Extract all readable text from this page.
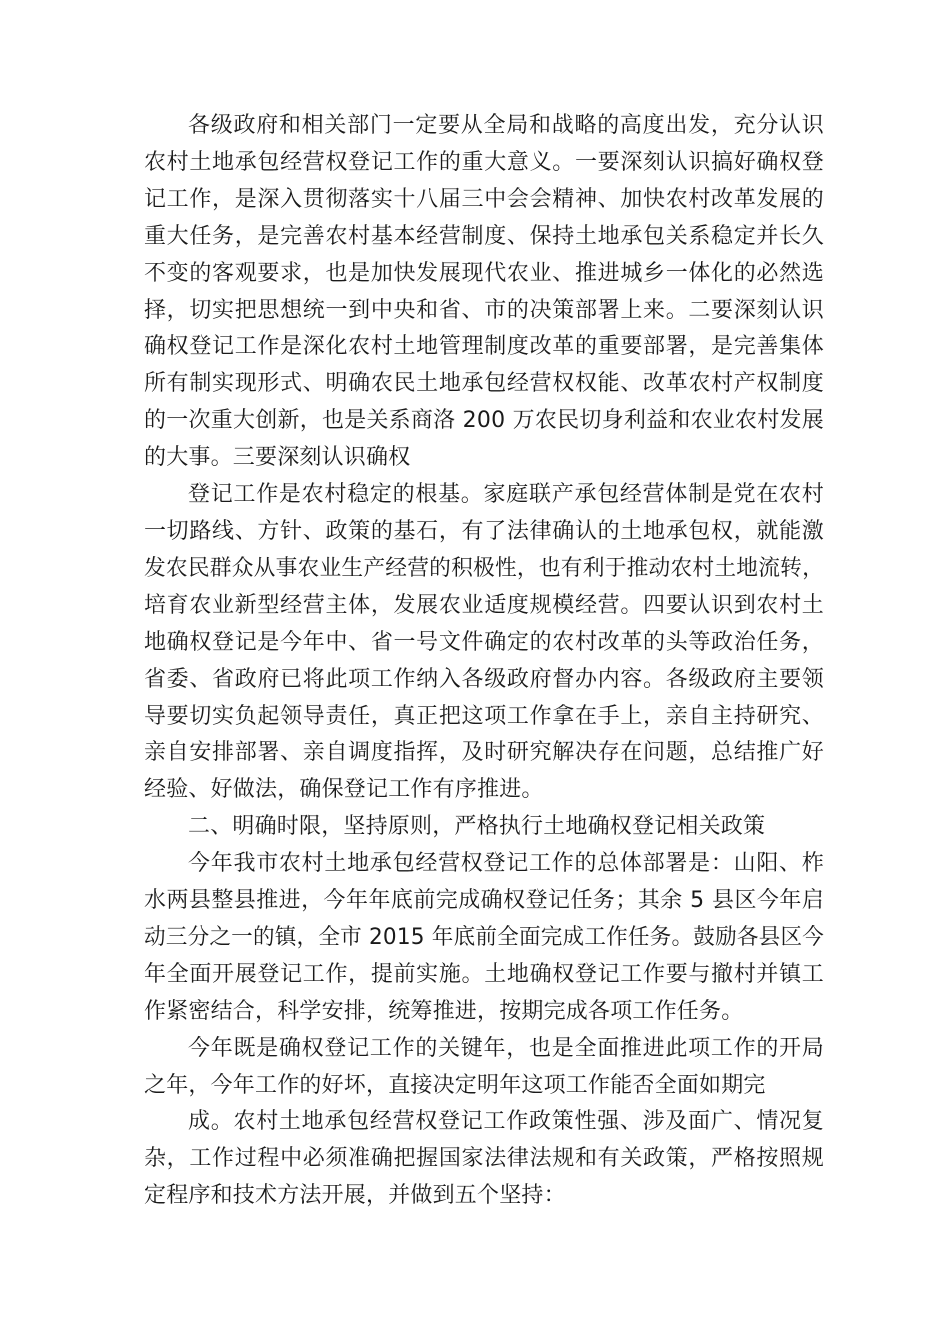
各级政府和相关部门一定要从全局和战略的高度出发，充分认识
农村土地承包经营权登记工作的重大意义。一要深刻认识搞好确权登
记工作，是深入贯彻落实十八届三中会会精神、加快农村改革发展的
重大任务，是完善农村基本经营制度、保持土地承包关系稳定并长久
不变的客观要求，也是加快发展现代农业、推进城乡一体化的必然选
择，切实把思想统一到中央和省、市的决策部署上来。二要深刻认识
确权登记工作是深化农村土地管理制度改革的重要部署，是完善集体
所有制实现形式、明确农民土地承包经营权权能、改革农村产权制度
的一次重大创新，也是关系商洛 200 万农民切身利益和农业农村发展
的大事。三要深刻认识确权
登记工作是农村稳定的根基。家庭联产承包经营体制是党在农村
一切路线、方针、政策的基石，有了法律确认的土地承包权，就能激
发农民群众从事农业生产经营的积极性，也有利于推动农村土地流转，
培育农业新型经营主体，发展农业适度规模经营。四要认识到农村土
地确权登记是今年中、省一号文件确定的农村改革的头等政治任务，
省委、省政府已将此项工作纳入各级政府督办内容。各级政府主要领
导要切实负起领导责任，真正把这项工作拿在手上，亲自主持研究、
亲自安排部署、亲自调度指挥，及时研究解决存在问题，总结推广好
经验、好做法，确保登记工作有序推进。
二、明确时限，坚持原则，严格执行土地确权登记相关政策
今年我市农村土地承包经营权登记工作的总体部署是：山阳、柞
水两县整县推进，今年年底前完成确权登记任务；其余 5 县区今年启
动三分之一的镇，全市 2015 年底前全面完成工作任务。鼓励各县区今
年全面开展登记工作，提前实施。土地确权登记工作要与撤村并镇工
作紧密结合，科学安排，统筹推进，按期完成各项工作任务。
今年既是确权登记工作的关键年，也是全面推进此项工作的开局
之年，今年工作的好坏，直接决定明年这项工作能否全面如期完
成。农村土地承包经营权登记工作政策性强、涉及面广、情况复
杂，工作过程中必须准确把握国家法律法规和有关政策，严格按照规
定程序和技术方法开展，并做到五个坚持：
